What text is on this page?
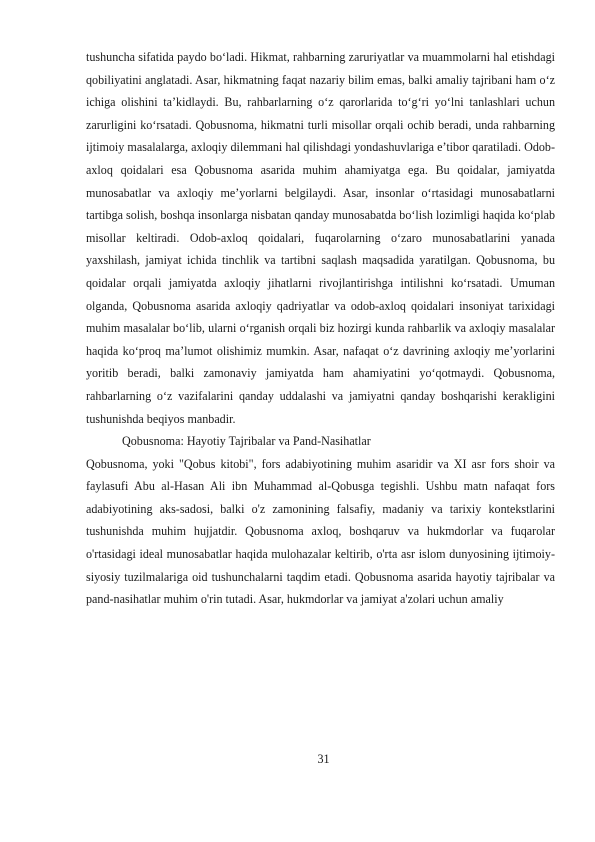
tushuncha sifatida paydo bo‘ladi. Hikmat, rahbarning zaruriyatlar va muammolarni hal etishdagi qobiliyatini anglatadi. Asar, hikmatning faqat nazariy bilim emas, balki amaliy tajribani ham o‘z ichiga olishini ta’kidlaydi. Bu, rahbarlarning o‘z qarorlarida to‘g‘ri yo‘lni tanlashlari uchun zarurligini ko‘rsatadi. Qobusnoma, hikmatni turli misollar orqali ochib beradi, unda rahbarning ijtimoiy masalalarga, axloqiy dilemmani hal qilishdagi yondashuvlariga e’tibor qaratiladi. Odob-axloq qoidalari esa Qobusnoma asarida muhim ahamiyatga ega. Bu qoidalar, jamiyatda munosabatlar va axloqiy me’yorlarni belgilaydi. Asar, insonlar o‘rtasidagi munosabatlarni tartibga solish, boshqa insonlarga nisbatan qanday munosabatda bo‘lish lozimligi haqida ko‘plab misollar keltiradi. Odob-axloq qoidalari, fuqarolarning o‘zaro munosabatlarini yanada yaxshilash, jamiyat ichida tinchlik va tartibni saqlash maqsadida yaratilgan. Qobusnoma, bu qoidalar orqali jamiyatda axloqiy jihatlarni rivojlantirishga intilishni ko‘rsatadi. Umuman olganda, Qobusnoma asarida axloqiy qadriyatlar va odob-axloq qoidalari insoniyat tarixidagi muhim masalalar bo‘lib, ularni o‘rganish orqali biz hozirgi kunda rahbarlik va axloqiy masalalar haqida ko‘proq ma’lumot olishimiz mumkin. Asar, nafaqat o‘z davrining axloqiy me’yorlarini yoritib beradi, balki zamonaviy jamiyatda ham ahamiyatini yo‘qotmaydi. Qobusnoma, rahbarlarning o‘z vazifalarini qanday uddalashi va jamiyatni qanday boshqarishi kerakligini tushunishda beqiyos manbadir.

Qobusnoma: Hayotiy Tajribalar va Pand-Nasihatlar

Qobusnoma, yoki "Qobus kitobi", fors adabiyotining muhim asaridir va XI asr fors shoir va faylasufi Abu al-Hasan Ali ibn Muhammad al-Qobusga tegishli. Ushbu matn nafaqat fors adabiyotining aks-sadosi, balki o'z zamonining falsafiy, madaniy va tarixiy kontekstlarini tushunishda muhim hujjatdir. Qobusnoma axloq, boshqaruv va hukmdorlar va fuqarolar o'rtasidagi ideal munosabatlar haqida mulohazalar keltirib, o'rta asr islom dunyosining ijtimoiy-siyosiy tuzilmalariga oid tushunchalarni taqdim etadi. Qobusnoma asarida hayotiy tajribalar va pand-nasihatlar muhim o'rin tutadi. Asar, hukmdorlar va jamiyat a'zolari uchun amaliy

31
